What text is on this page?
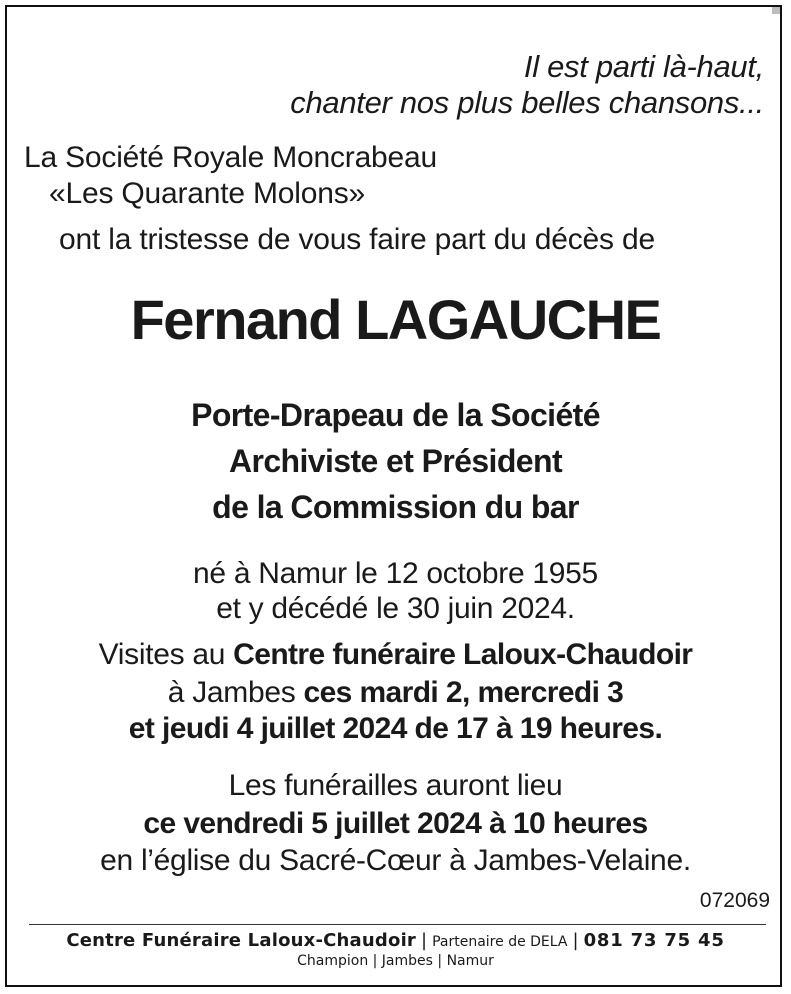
Il est parti là-haut,
chanter nos plus belles chansons...
La Société Royale Moncrabeau
«Les Quarante Molons»
ont la tristesse de vous faire part du décès de
Fernand LAGAUCHE
Porte-Drapeau de la Société
Archiviste et Président
de la Commission du bar
né à Namur le 12 octobre 1955
et y décédé le 30 juin 2024.
Visites au Centre funéraire Laloux-Chaudoir
à Jambes ces mardi 2, mercredi 3
et jeudi 4 juillet 2024 de 17 à 19 heures.
Les funérailles auront lieu
ce vendredi 5 juillet 2024 à 10 heures
en l’église du Sacré-Cœur à Jambes-Velaine.
072069
Centre Funéraire Laloux-Chaudoir | Partenaire de DELA | 081 73 75 45
Champion | Jambes | Namur
